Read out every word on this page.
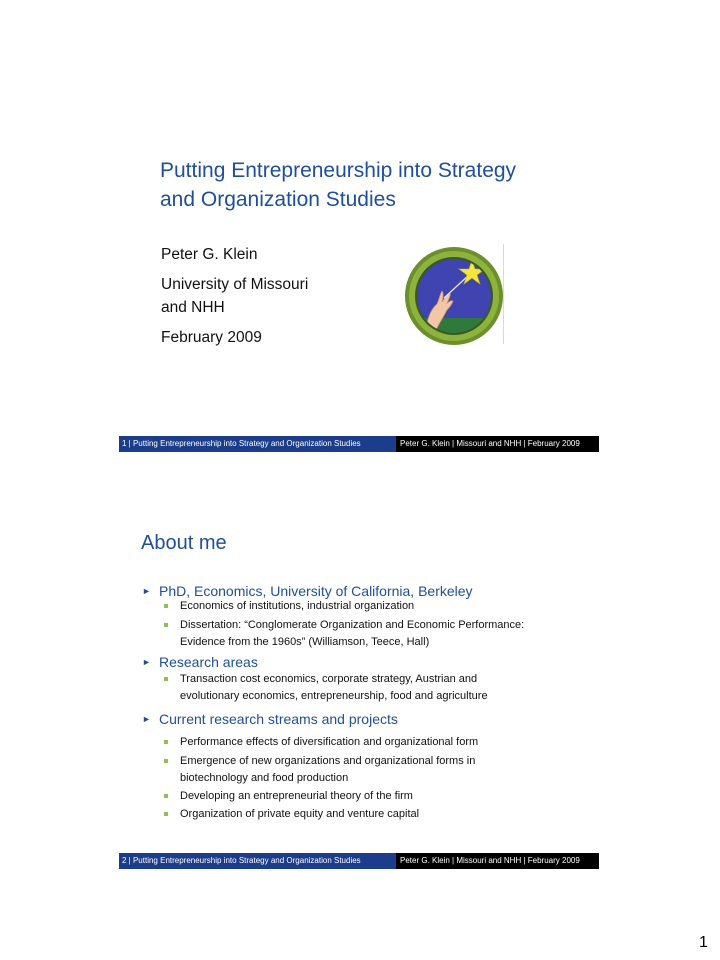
Putting Entrepreneurship into Strategy
and Organization Studies
Peter G. Klein
University of Missouri
and NHH
February 2009
1 | Putting Entrepreneurship into Strategy and Organization Studies	Peter G. Klein | Missouri and NHH | February 2009
About me
► PhD, Economics, University of California, Berkeley
Economics of institutions, industrial organization
Dissertation: “Conglomerate Organization and Economic Performance:
Evidence from the 1960s” (Williamson, Teece, Hall)
► Research areas
Transaction cost economics, corporate strategy, Austrian and
evolutionary economics, entrepreneurship, food and agriculture
► Current research streams and projects
Performance effects of diversification and organizational form
Emergence of new organizations and organizational forms in
biotechnology and food production
Developing an entrepreneurial theory of the firm
Organization of private equity and venture capital
2 | Putting Entrepreneurship into Strategy and Organization Studies	Peter G. Klein | Missouri and NHH | February 2009
1
